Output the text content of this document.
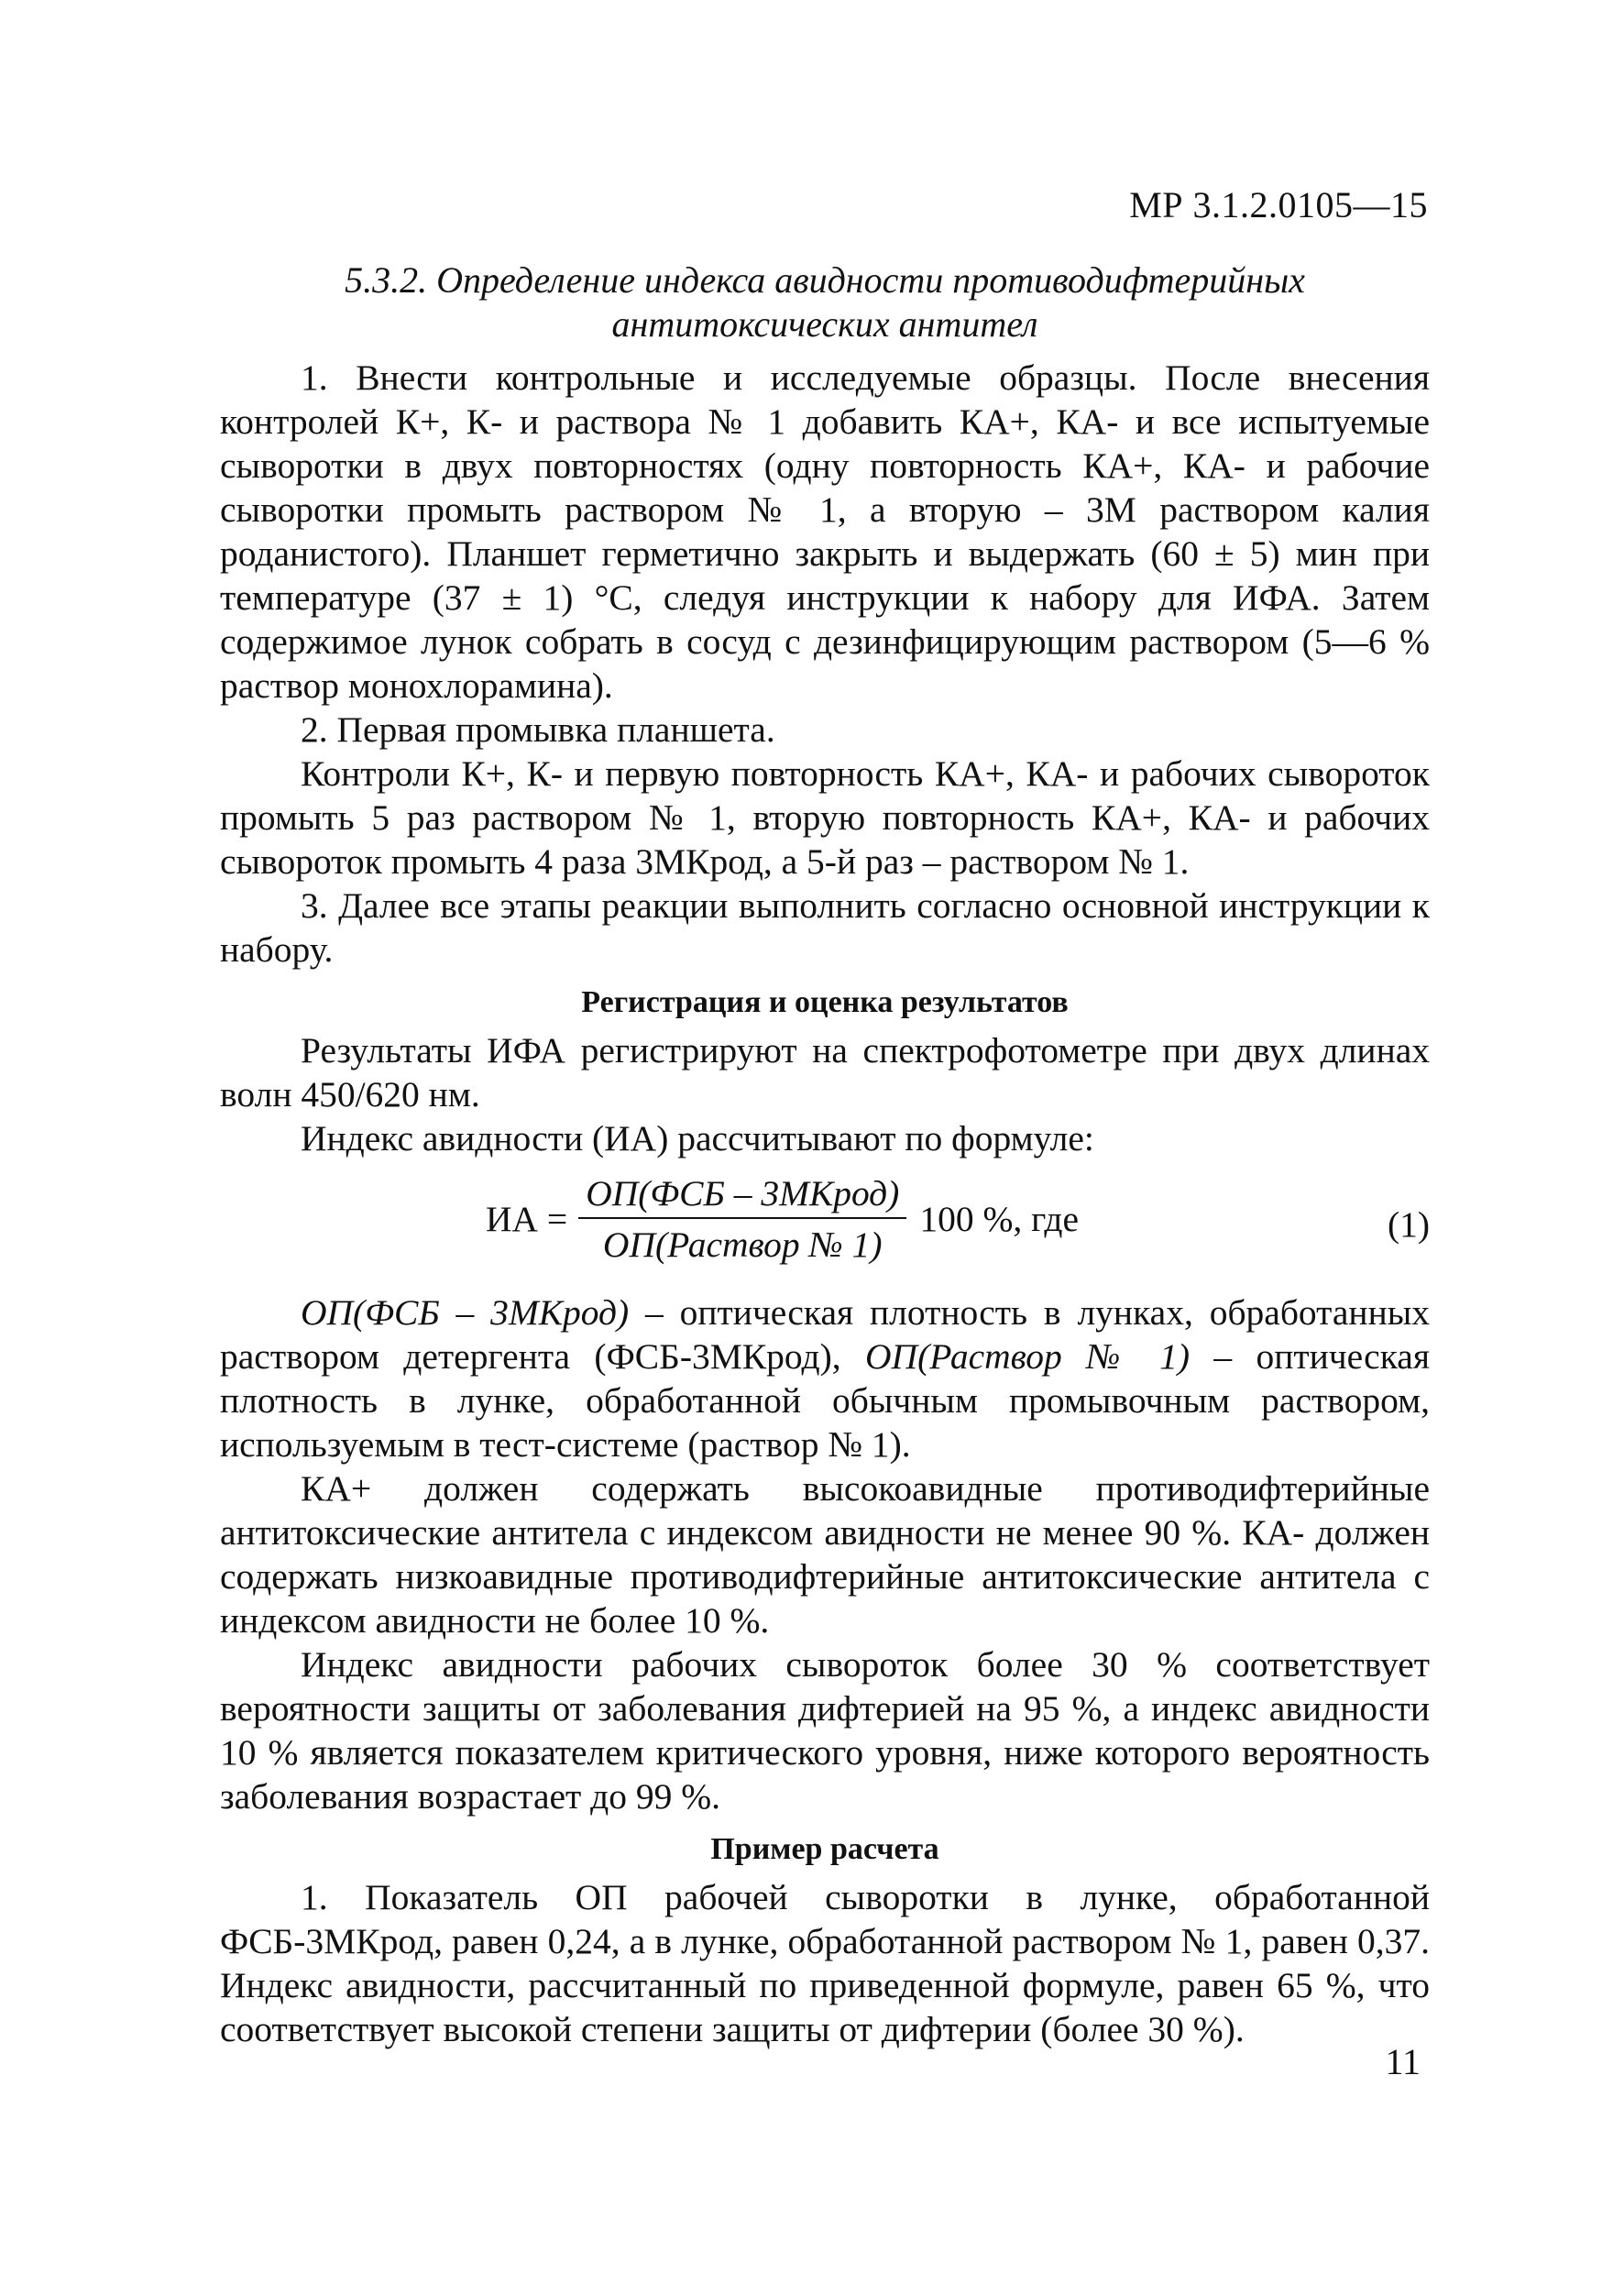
МР 3.1.2.0105—15
5.3.2. Определение индекса авидности противодифтерийных
антитоксических антител

1. Внести контрольные и исследуемые образцы. После внесения контролей К+, К- и раствора № 1 добавить КА+, КА- и все испытуемые сыворотки в двух повторностях (одну повторность КА+, КА- и рабочие сыворотки промыть раствором № 1, а вторую – 3М раствором калия роданистого). Планшет герметично закрыть и выдержать (60 ± 5) мин при температуре (37 ± 1) °С, следуя инструкции к набору для ИФА. Затем содержимое лунок собрать в сосуд с дезинфицирующим раствором (5—6 % раствор монохлорамина).

2. Первая промывка планшета.

Контроли К+, К- и первую повторность КА+, КА- и рабочих сывороток промыть 5 раз раствором № 1, вторую повторность КА+, КА- и рабочих сывороток промыть 4 раза 3МКрод, а 5-й раз – раствором № 1.

3. Далее все этапы реакции выполнить согласно основной инструкции к набору.

Регистрация и оценка результатов

Результаты ИФА регистрируют на спектрофотометре при двух длинах волн 450/620 нм.

Индекс авидности (ИА) рассчитывают по формуле:

ИА = $\frac{\text{ОП(ФСБ – 3МКрод)}}{\text{ОП(Раствор № 1)}} 100$ %, где	(1)

ОП(ФСБ – 3МКрод) – оптическая плотность в лунках, обработанных раствором детергента (ФСБ-3МКрод), ОП(Раствор № 1) – оптическая плотность в лунке, обработанной обычным промывочным раствором, используемым в тест-системе (раствор № 1).

КА+ должен содержать высокоавидные противодифтерийные антитоксические антитела с индексом авидности не менее 90 %. КА- должен содержать низкоавидные противодифтерийные антитоксические антитела с индексом авидности не более 10 %.

Индекс авидности рабочих сывороток более 30 % соответствует вероятности защиты от заболевания дифтерией на 95 %, а индекс авидности 10 % является показателем критического уровня, ниже которого вероятность заболевания возрастает до 99 %.

Пример расчета

1. Показатель ОП рабочей сыворотки в лунке, обработанной ФСБ-3МКрод, равен 0,24, а в лунке, обработанной раствором № 1, равен 0,37. Индекс авидности, рассчитанный по приведенной формуле, равен 65 %, что соответствует высокой степени защиты от дифтерии (более 30 %).

11
